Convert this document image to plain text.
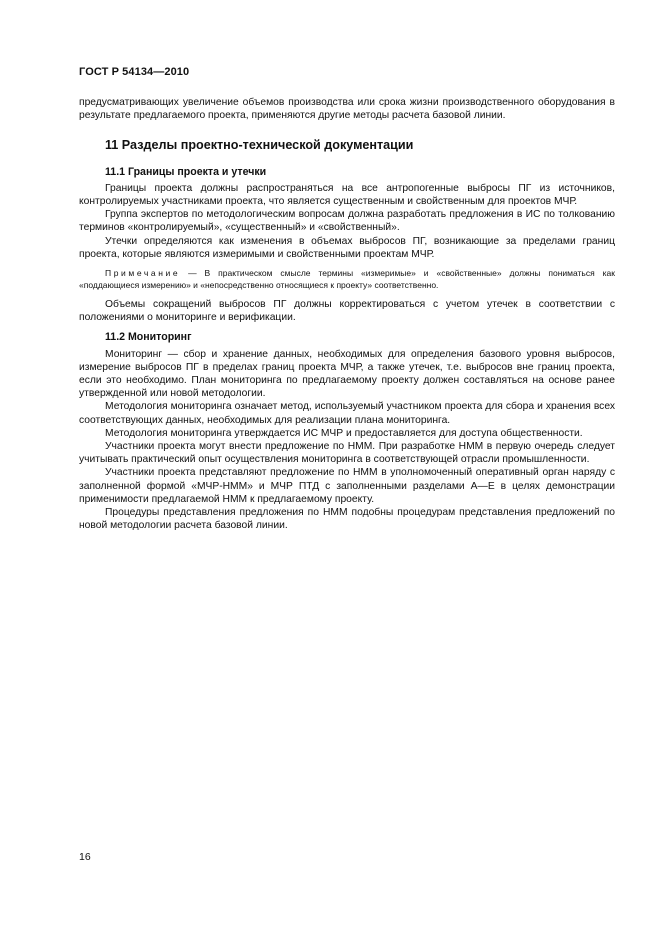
ГОСТ Р 54134—2010

предусматривающих увеличение объемов производства или срока жизни производственного оборудования в результате предлагаемого проекта, применяются другие методы расчета базовой линии.

11 Разделы проектно-технической документации
11.1 Границы проекта и утечки

Границы проекта должны распространяться на все антропогенные выбросы ПГ из источников, контролируемых участниками проекта, что является существенным и свойственным для проектов МЧР.

Группа экспертов по методологическим вопросам должна разработать предложения в ИС по толкованию терминов «контролируемый», «существенный» и «свойственный».

Утечки определяются как изменения в объемах выбросов ПГ, возникающие за пределами границ проекта, которые являются измеримыми и свойственными проектам МЧР.

Примечание — В практическом смысле термины «измеримые» и «свойственные» должны пониматься как «поддающиеся измерению» и «непосредственно относящиеся к проекту» соответственно.

Объемы сокращений выбросов ПГ должны корректироваться с учетом утечек в соответствии с положениями о мониторинге и верификации.

11.2 Мониторинг

Мониторинг — сбор и хранение данных, необходимых для определения базового уровня выбросов, измерение выбросов ПГ в пределах границ проекта МЧР, а также утечек, т.е. выбросов вне границ проекта, если это необходимо. План мониторинга по предлагаемому проекту должен составляться на основе ранее утвержденной или новой методологии.

Методология мониторинга означает метод, используемый участником проекта для сбора и хранения всех соответствующих данных, необходимых для реализации плана мониторинга.

Методология мониторинга утверждается ИС МЧР и предоставляется для доступа общественности.

Участники проекта могут внести предложение по НММ. При разработке НММ в первую очередь следует учитывать практический опыт осуществления мониторинга в соответствующей отрасли промышленности.

Участники проекта представляют предложение по НММ в уполномоченный оперативный орган наряду с заполненной формой «МЧР-НММ» и МЧР ПТД с заполненными разделами А—Е в целях демонстрации применимости предлагаемой НММ к предлагаемому проекту.

Процедуры представления предложения по НММ подобны процедурам представления предложений по новой методологии расчета базовой линии.

16
